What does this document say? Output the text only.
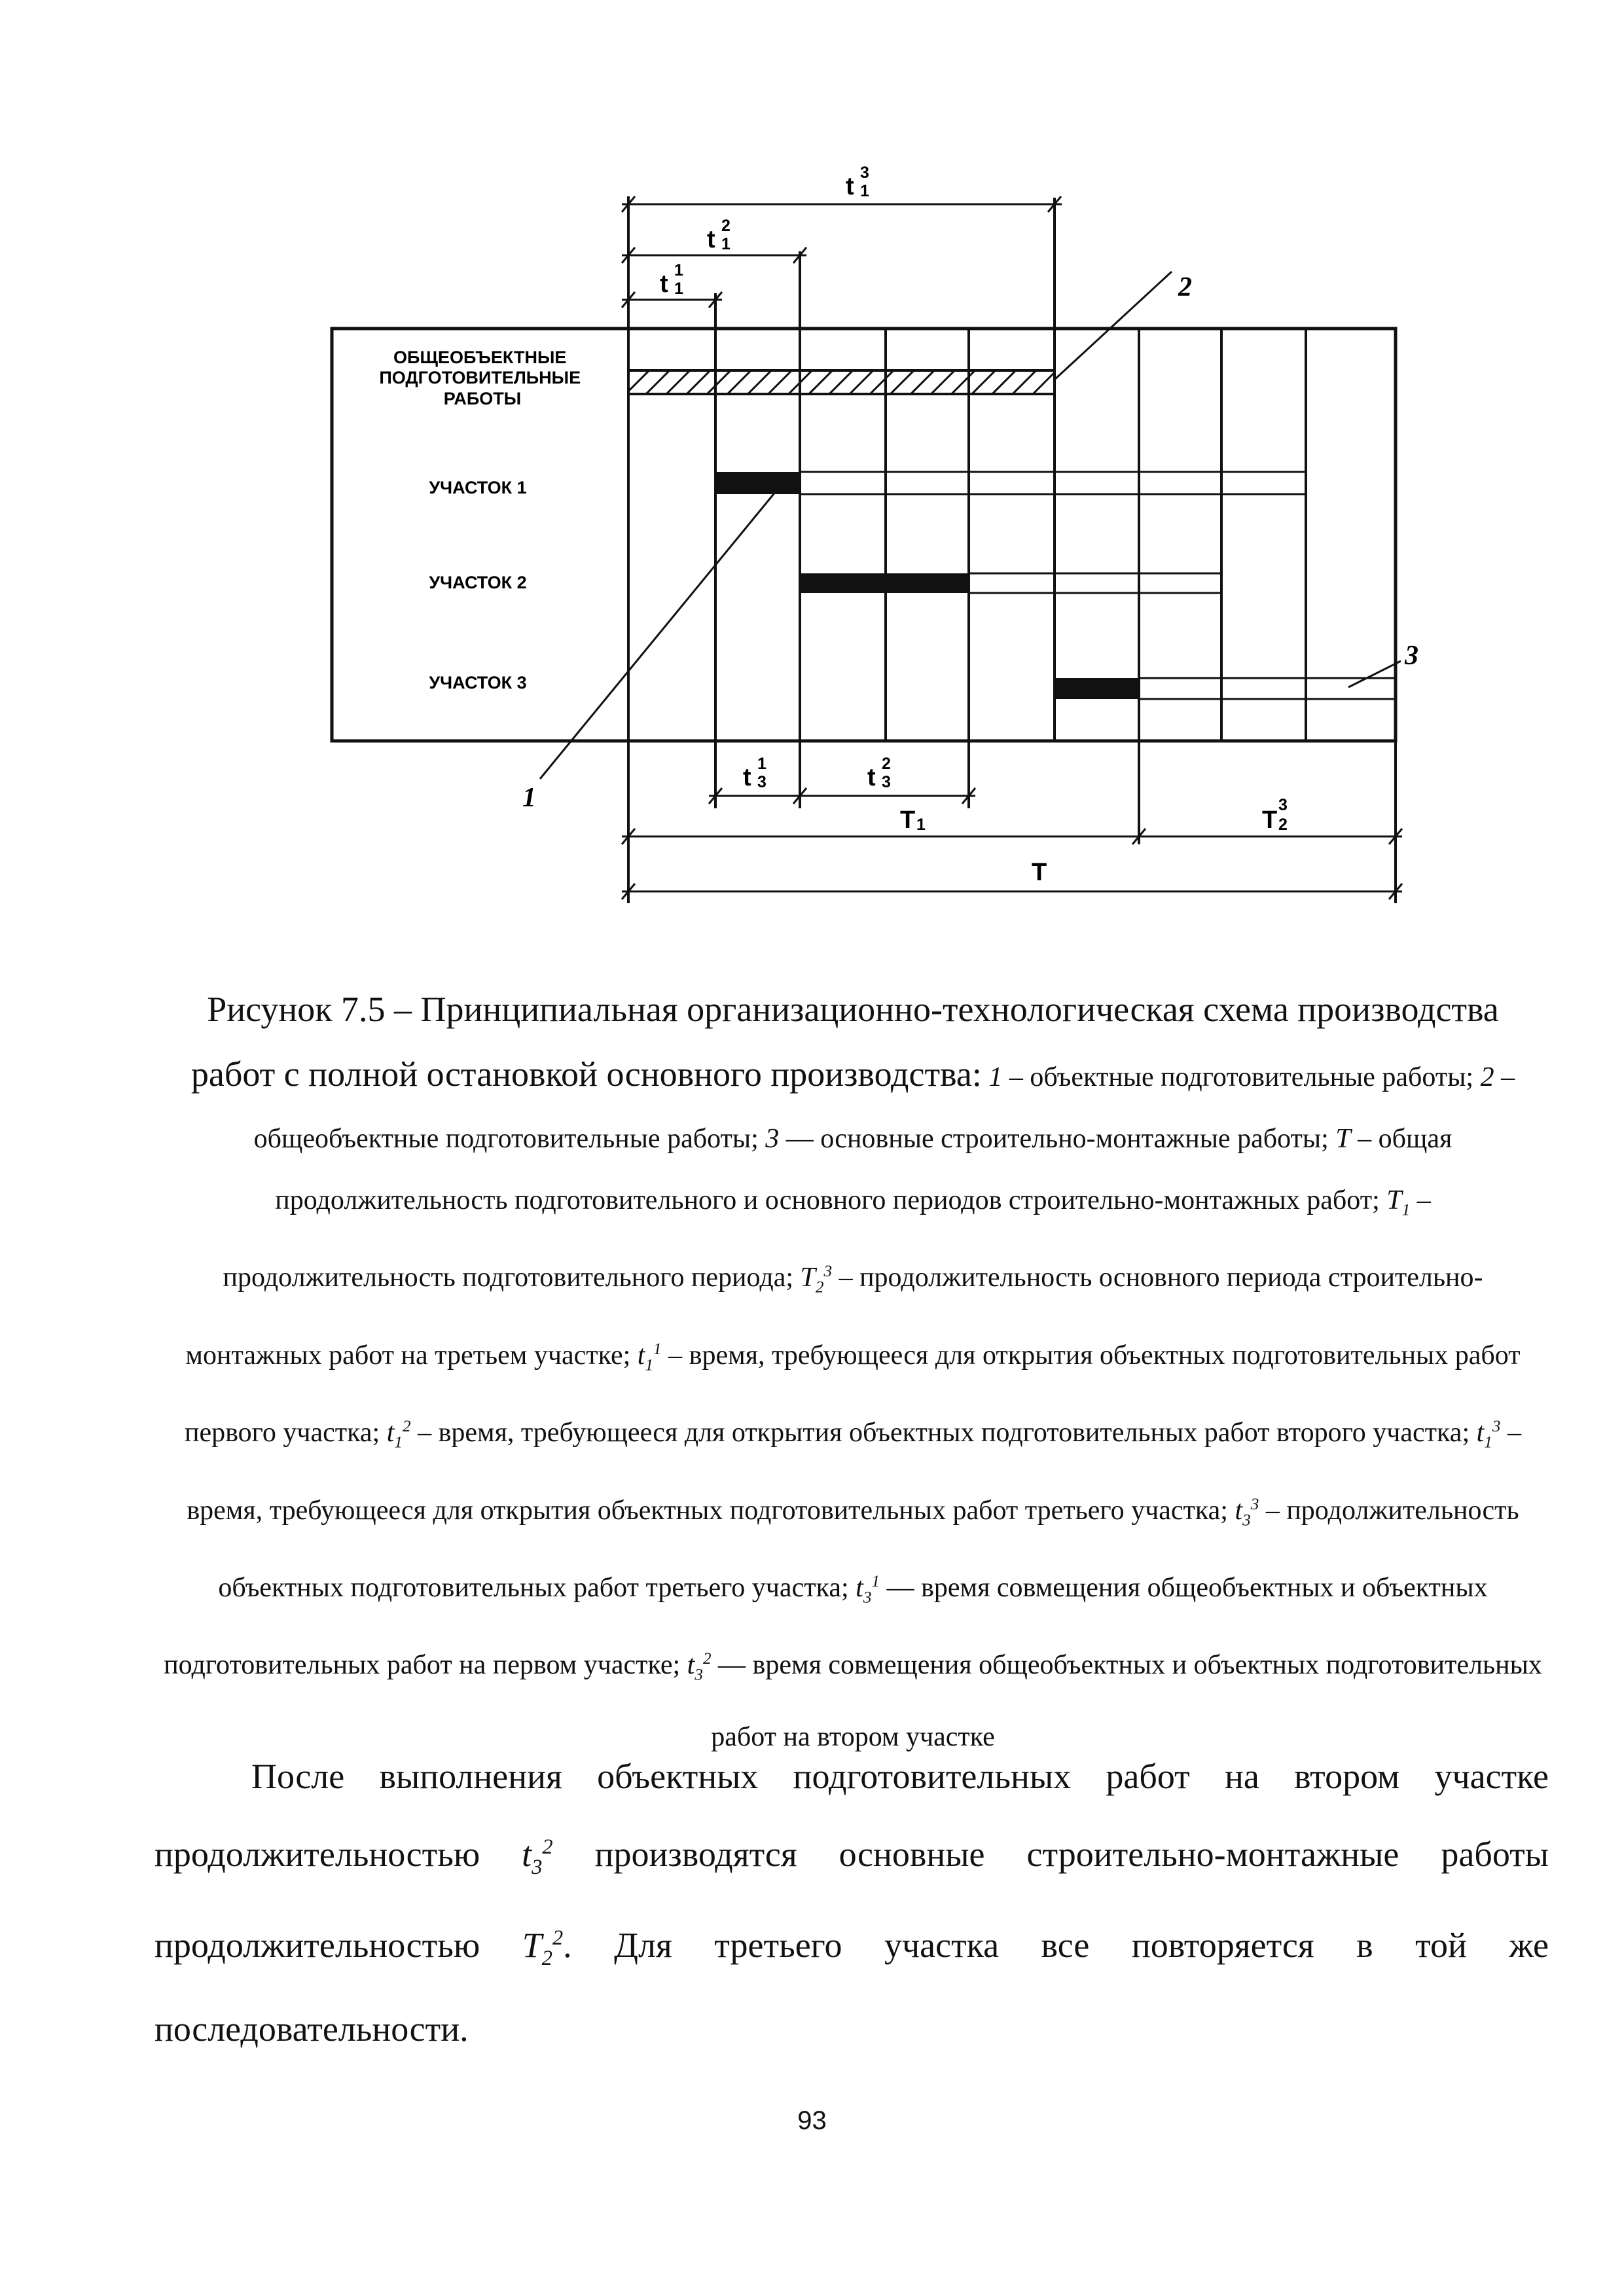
ОБЩЕОБЪЕКТНЫЕ ПОДГОТОВИТЕЛЬНЫЕ РАБОТЫ
УЧАСТОК 1
УЧАСТОК 2
УЧАСТОК 3
t 1
3
t 1
2
t 1
1
t 3
1	t 3
2
T 1	T 2
3
T
1
2
3
Рисунок 7.5 – Принципиальная организационно-технологическая схема производства работ с полной остановкой основного производства: 1 – объектные подготовительные работы; 2 – общеобъектные подготовительные работы; 3 — основные строительно-монтажные работы; T – общая продолжительность подготовительного и основного периодов строительно-монтажных работ; $T_1$ – продолжительность подготовительного периода; $T_2^3$ – продолжительность основного периода строительно-монтажных работ на третьем участке; $t_1^1$ – время, требующееся для открытия объектных подготовительных работ первого участка; $t_1^2$ – время, требующееся для открытия объектных подготовительных работ второго участка; $t_1^3$ – время, требующееся для открытия объектных подготовительных работ третьего участка; $t_3^3$ – продолжительность объектных подготовительных работ третьего участка; $t_3^1$ — время совмещения общеобъектных и объектных подготовительных работ на первом участке; $t_3^2$ — время совмещения общеобъектных и объектных подготовительных работ на втором участке

После выполнения объектных подготовительных работ на втором участке продолжительностью $t_3^2$ производятся основные строительно-монтажные работы продолжительностью $T_2^2$. Для третьего участка все повторяется в той же последовательности.

93
